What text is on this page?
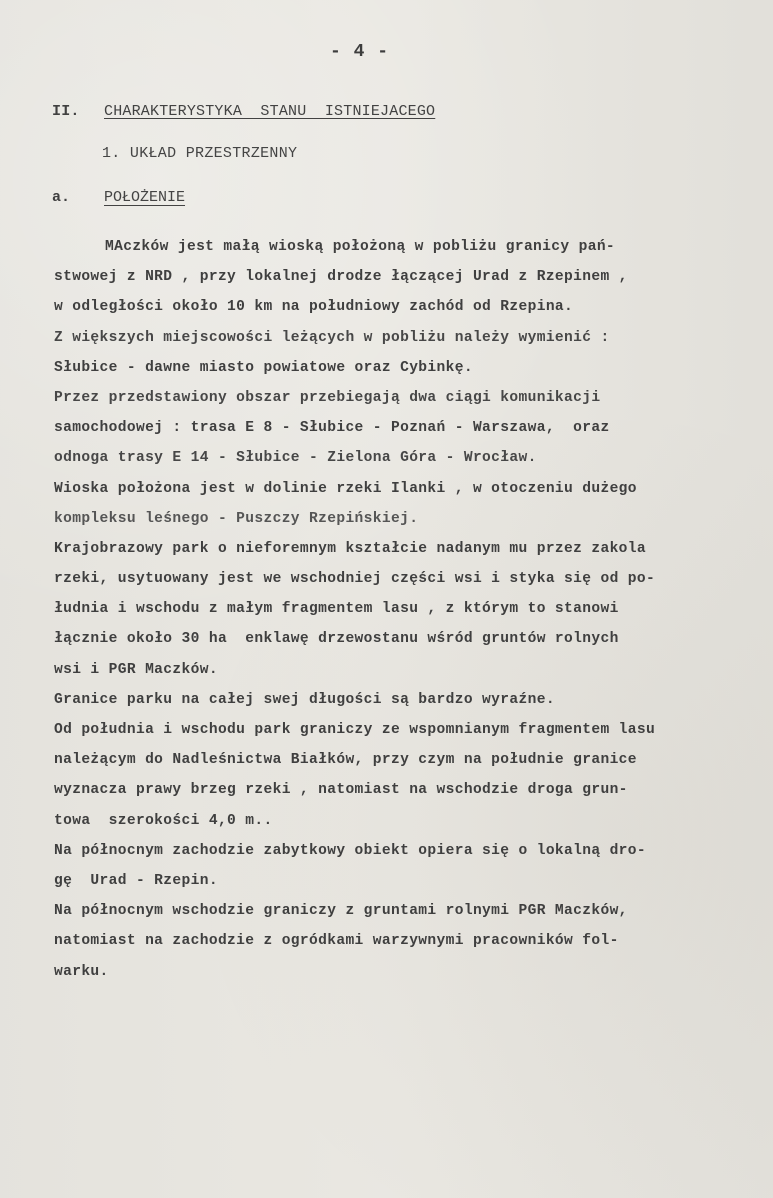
- 4 -
II. CHARAKTERYSTYKA  STANU  ISTNIEJACEGO
1. UKŁAD PRZESTRZENNY
a. POŁOŻENIE
MAczków jest małą wioską położoną w pobliżu granicy pań-
stwowej z NRD , przy lokalnej drodze łączącej Urad z Rzepinem ,
w odległości około 10 km na południowy zachód od Rzepina.
Z większych miejscowości leżących w pobliżu należy wymienić :
Słubice - dawne miasto powiatowe oraz Cybinkę.
Przez przedstawiony obszar przebiegają dwa ciągi komunikacji
samochodowej : trasa E 8 - Słubice - Poznań - Warszawa,  oraz
odnoga trasy E 14 - Słubice - Zielona Góra - Wrocław.
Wioska położona jest w dolinie rzeki Ilanki , w otoczeniu dużego
kompleksu leśnego - Puszczy Rzepińskiej.
Krajobrazowy park o nieforemnym kształcie nadanym mu przez zakola
rzeki, usytuowany jest we wschodniej części wsi i styka się od po-
łudnia i wschodu z małym fragmentem lasu , z którym to stanowi
łącznie około 30 ha  enklawę drzewostanu wśród gruntów rolnych
wsi i PGR Maczków.
Granice parku na całej swej długości są bardzo wyraźne.
Od południa i wschodu park graniczy ze wspomnianym fragmentem lasu
należącym do Nadleśnictwa Białków, przy czym na południe granice
wyznacza prawy brzeg rzeki , natomiast na wschodzie droga grun-
towa  szerokości 4,0 m..
Na północnym zachodzie zabytkowy obiekt opiera się o lokalną dro-
gę  Urad - Rzepin.
Na północnym wschodzie graniczy z gruntami rolnymi PGR Maczków,
natomiast na zachodzie z ogródkami warzywnymi pracowników fol-
warku.
